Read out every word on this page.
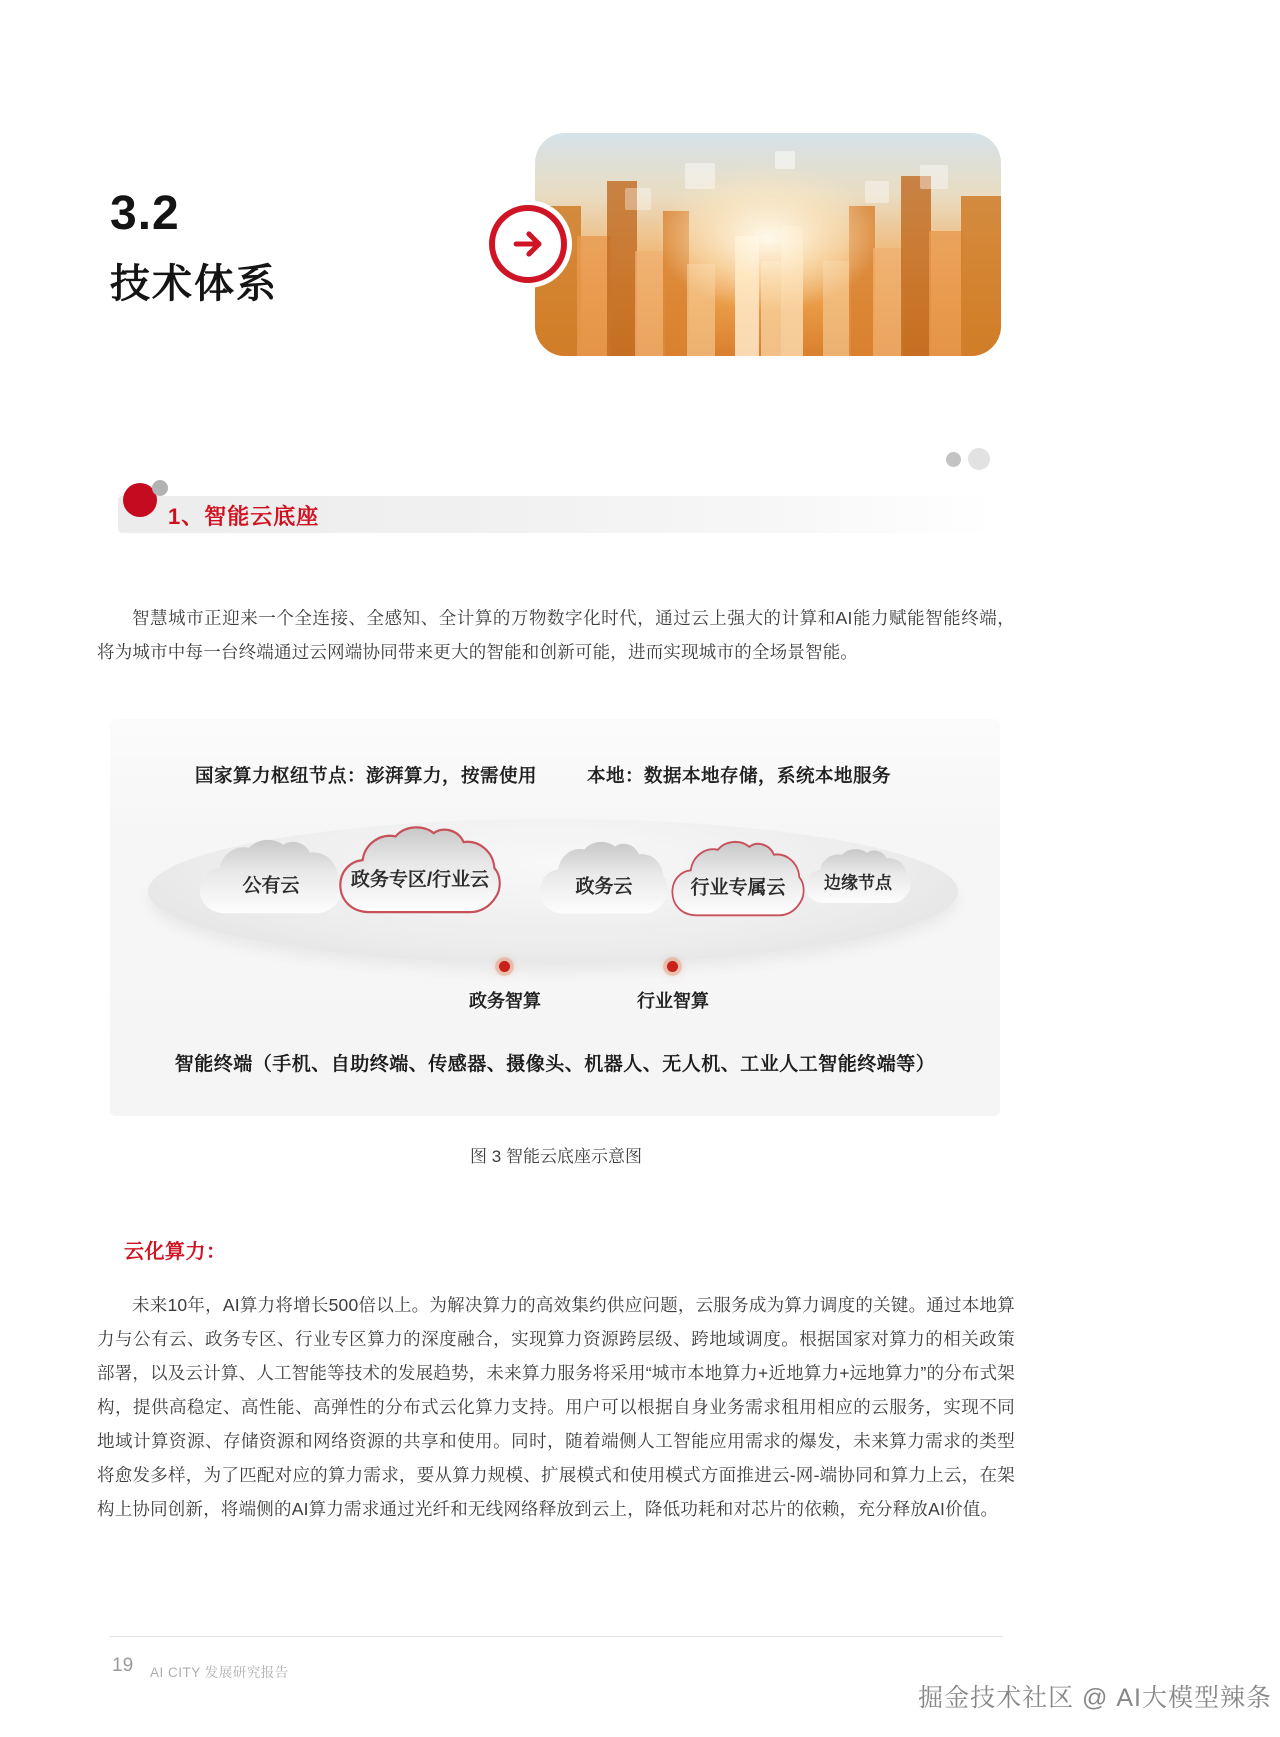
3.2
技术体系
1、智能云底座

智慧城市正迎来一个全连接、全感知、全计算的万物数字化时代，通过云上强大的计算和AI能力赋能智能终端，将为城市中每一台终端通过云网端协同带来更大的智能和创新可能，进而实现城市的全场景智能。

国家算力枢纽节点：澎湃算力，按需使用	本地：数据本地存储，系统本地服务
公有云	政务专区/行业云	政务云	行业专属云	边缘节点
政务智算	行业智算
智能终端（手机、自助终端、传感器、摄像头、机器人、无人机、工业人工智能终端等）
图 3 智能云底座示意图
云化算力：

未来10年，AI算力将增长500倍以上。为解决算力的高效集约供应问题，云服务成为算力调度的关键。通过本地算力与公有云、政务专区、行业专区算力的深度融合，实现算力资源跨层级、跨地域调度。根据国家对算力的相关政策部署，以及云计算、人工智能等技术的发展趋势，未来算力服务将采用“城市本地算力+近地算力+远地算力”的分布式架构，提供高稳定、高性能、高弹性的分布式云化算力支持。用户可以根据自身业务需求租用相应的云服务，实现不同地域计算资源、存储资源和网络资源的共享和使用。同时，随着端侧人工智能应用需求的爆发，未来算力需求的类型将愈发多样，为了匹配对应的算力需求，要从算力规模、扩展模式和使用模式方面推进云-网-端协同和算力上云，在架构上协同创新，将端侧的AI算力需求通过光纤和无线网络释放到云上，降低功耗和对芯片的依赖，充分释放AI价值。

19 AI CITY 发展研究报告
掘金技术社区 @ AI大模型辣条
